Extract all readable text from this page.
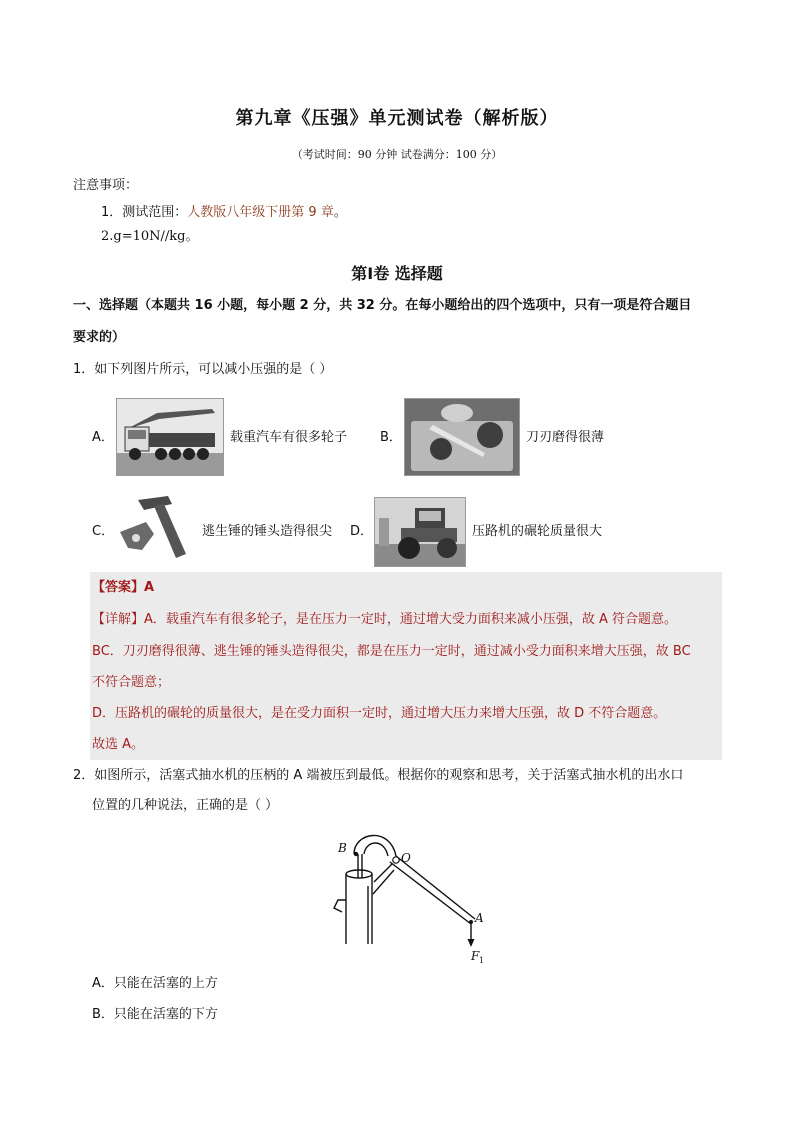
第九章《压强》单元测试卷（解析版）
（考试时间：90 分钟 试卷满分：100 分）
注意事项：
1．测试范围：人教版八年级下册第 9 章。
2.g=10N//kg。
第Ⅰ卷 选择题
一、选择题（本题共 16 小题，每小题 2 分，共 32 分。在每小题给出的四个选项中，只有一项是符合题目
要求的）
1．如下列图片所示，可以减小压强的是（ ）
A．	载重汽车有很多轮子	B．	刀刃磨得很薄
C．	逃生锤的锤头造得很尖 D．	压路机的碾轮质量很大
【答案】A
【详解】A．载重汽车有很多轮子，是在压力一定时，通过增大受力面积来减小压强，故 A 符合题意。
BC．刀刃磨得很薄、逃生锤的锤头造得很尖，都是在压力一定时，通过减小受力面积来增大压强，故 BC
不符合题意；
D．压路机的碾轮的质量很大，是在受力面积一定时，通过增大压力来增大压强，故 D 不符合题意。
故选 A。
2．如图所示，活塞式抽水机的压柄的 A 端被压到最低。根据你的观察和思考，关于活塞式抽水机的出水口
位置的几种说法，正确的是（ ）
B
O
A
F 1
A．只能在活塞的上方
B．只能在活塞的下方
